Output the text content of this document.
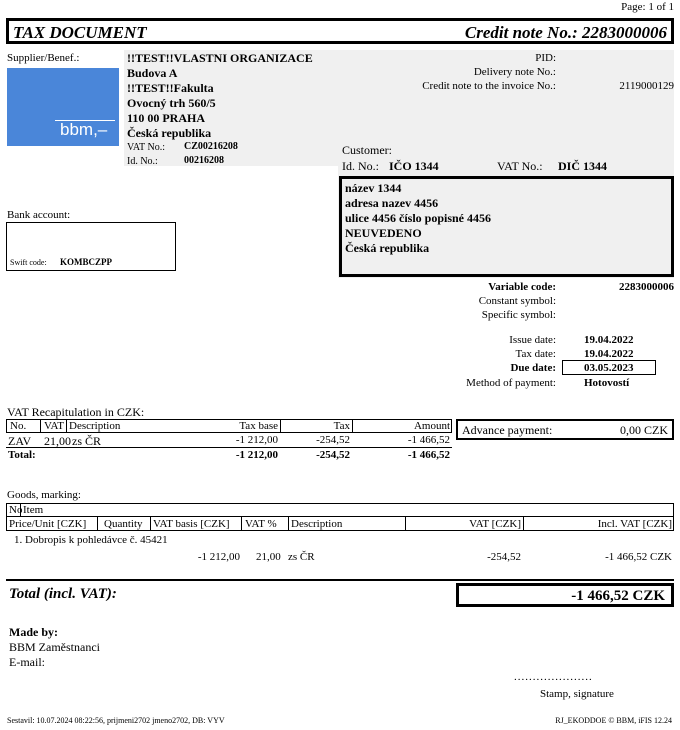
Page: 1 of 1
TAX DOCUMENT	Credit note No.: 2283000006
Supplier/Benef.:
bbm,–
!!TEST!!VLASTNI ORGANIZACE
Budova A
!!TEST!!Fakulta
Ovocný trh 560/5
110 00 PRAHA
Česká republika
VAT No.: CZ00216208
Id. No.:	00216208
PID:
Delivery note No.:
Credit note to the invoice No.:	2119000129
Customer:
Id. No.: IČO 1344	VAT No.: DIČ 1344
název 1344
adresa nazev 4456
ulice 4456 číslo popisné 4456
NEUVEDENO
Česká republika
Bank account:
Swift code: KOMBCZPP
Variable code:	2283000006
Constant symbol:
Specific symbol:
Issue date:	19.04.2022
Tax date:	19.04.2022
Due date:	03.05.2023
Method of payment:	Hotovostí
VAT Recapitulation in CZK:
No. VAT Description	Tax base	Tax	Amount
ZAV 21,00 zs ČR	-1 212,00	-254,52	-1 466,52
Total:	-1 212,00	-254,52	-1 466,52
Advance payment:	0,00 CZK
Goods, marking:
No Item
Price/Unit [CZK] Quantity VAT basis [CZK] VAT % Description	VAT [CZK]	Incl. VAT [CZK]
1. Dobropis k pohledávce č. 45421
-1 212,00 21,00 zs ČR	-254,52	-1 466,52 CZK
Total (incl. VAT):	-1 466,52 CZK
Made by:
BBM Zaměstnanci
E-mail:
.....................
Stamp, signature
Sestavil: 10.07.2024 08:22:56, prijmeni2702 jmeno2702, DB: VYV	RJ_EKODDOE © BBM, iFIS 12.24
